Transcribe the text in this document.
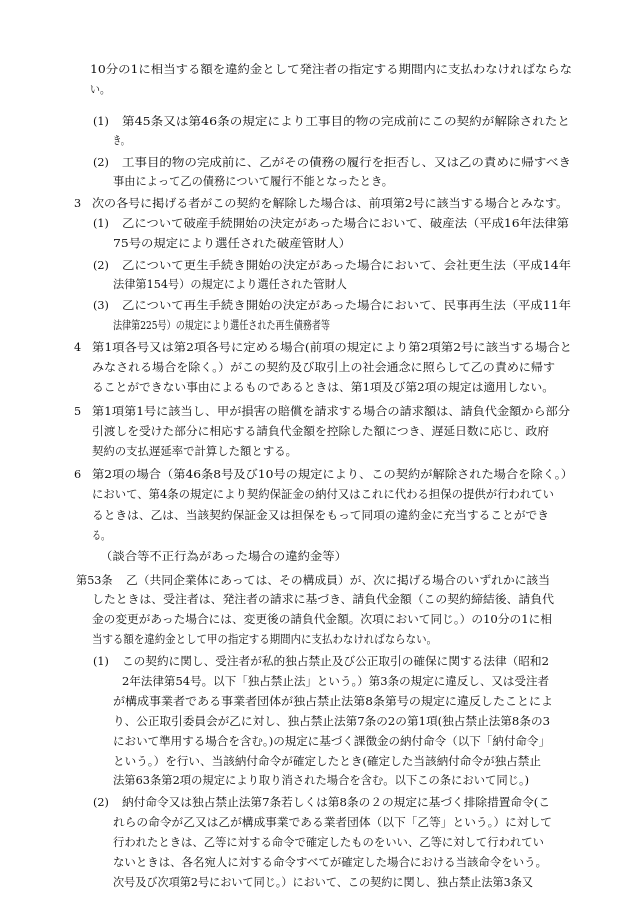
10分の1に相当する額を違約金として発注者の指定する期間内に支払わなければならな
い。
(1) 第45条又は第46条の規定により工事目的物の完成前にこの契約が解除されたと
き。
(2) 工事目的物の完成前に、乙がその債務の履行を拒否し、又は乙の責めに帰すべき
事由によって乙の債務について履行不能となったとき。
3 次の各号に掲げる者がこの契約を解除した場合は、前項第2号に該当する場合とみなす。
(1) 乙について破産手続開始の決定があった場合において、破産法（平成16年法律第
75号の規定により選任された破産管財人）
(2) 乙について更生手続き開始の決定があった場合において、会社更生法（平成14年
法律第154号）の規定により選任された管財人
(3) 乙について再生手続き開始の決定があった場合において、民事再生法（平成11年
法律第225号）の規定により選任された再生債務者等
4 第1項各号又は第2項各号に定める場合(前項の規定により第2項第2号に該当する場合と
みなされる場合を除く。）がこの契約及び取引上の社会通念に照らして乙の責めに帰す
ることができない事由によるものであるときは、第1項及び第2項の規定は適用しない。
5 第1項第1号に該当し、甲が損害の賠償を請求する場合の請求額は、請負代金額から部分
引渡しを受けた部分に相応する請負代金額を控除した額につき、遅延日数に応じ、政府
契約の支払遅延率で計算した額とする。
6 第2項の場合（第46条8号及び10号の規定により、この契約が解除された場合を除く。）
において、第4条の規定により契約保証金の納付又はこれに代わる担保の提供が行われてい
るときは、乙は、当該契約保証金又は担保をもって同項の違約金に充当することができ
る。
（談合等不正行為があった場合の違約金等）
第53条 乙（共同企業体にあっては、その構成員）が、次に掲げる場合のいずれかに該当
したときは、受注者は、発注者の請求に基づき、請負代金額（この契約締結後、請負代
金の変更があった場合には、変更後の請負代金額。次項において同じ。）の10分の1に相
当する額を違約金として甲の指定する期間内に支払わなければならない。
(1) この契約に関し、受注者が私的独占禁止及び公正取引の確保に関する法律（昭和2
2年法律第54号。以下「独占禁止法」という。）第3条の規定に違反し、又は受注者
が構成事業者である事業者団体が独占禁止法第8条第号の規定に違反したことによ
り、公正取引委員会が乙に対し、独占禁止法第7条の2の第1項(独占禁止法第8条の3
において準用する場合を含む。)の規定に基づく課徴金の納付命令（以下「納付命令」
という。）を行い、当該納付命令が確定したとき(確定した当該納付命令が独占禁止
法第63条第2項の規定により取り消された場合を含む。以下この条において同じ。)
(2) 納付命令又は独占禁止法第7条若しくは第8条の２の規定に基づく排除措置命令(こ
れらの命令が乙又は乙が構成事業である業者団体（以下「乙等」という。）に対して
行われたときは、乙等に対する命令で確定したものをいい、乙等に対して行われてい
ないときは、各名宛人に対する命令すべてが確定した場合における当該命令をいう。
次号及び次項第2号において同じ。）において、この契約に関し、独占禁止法第3条又
